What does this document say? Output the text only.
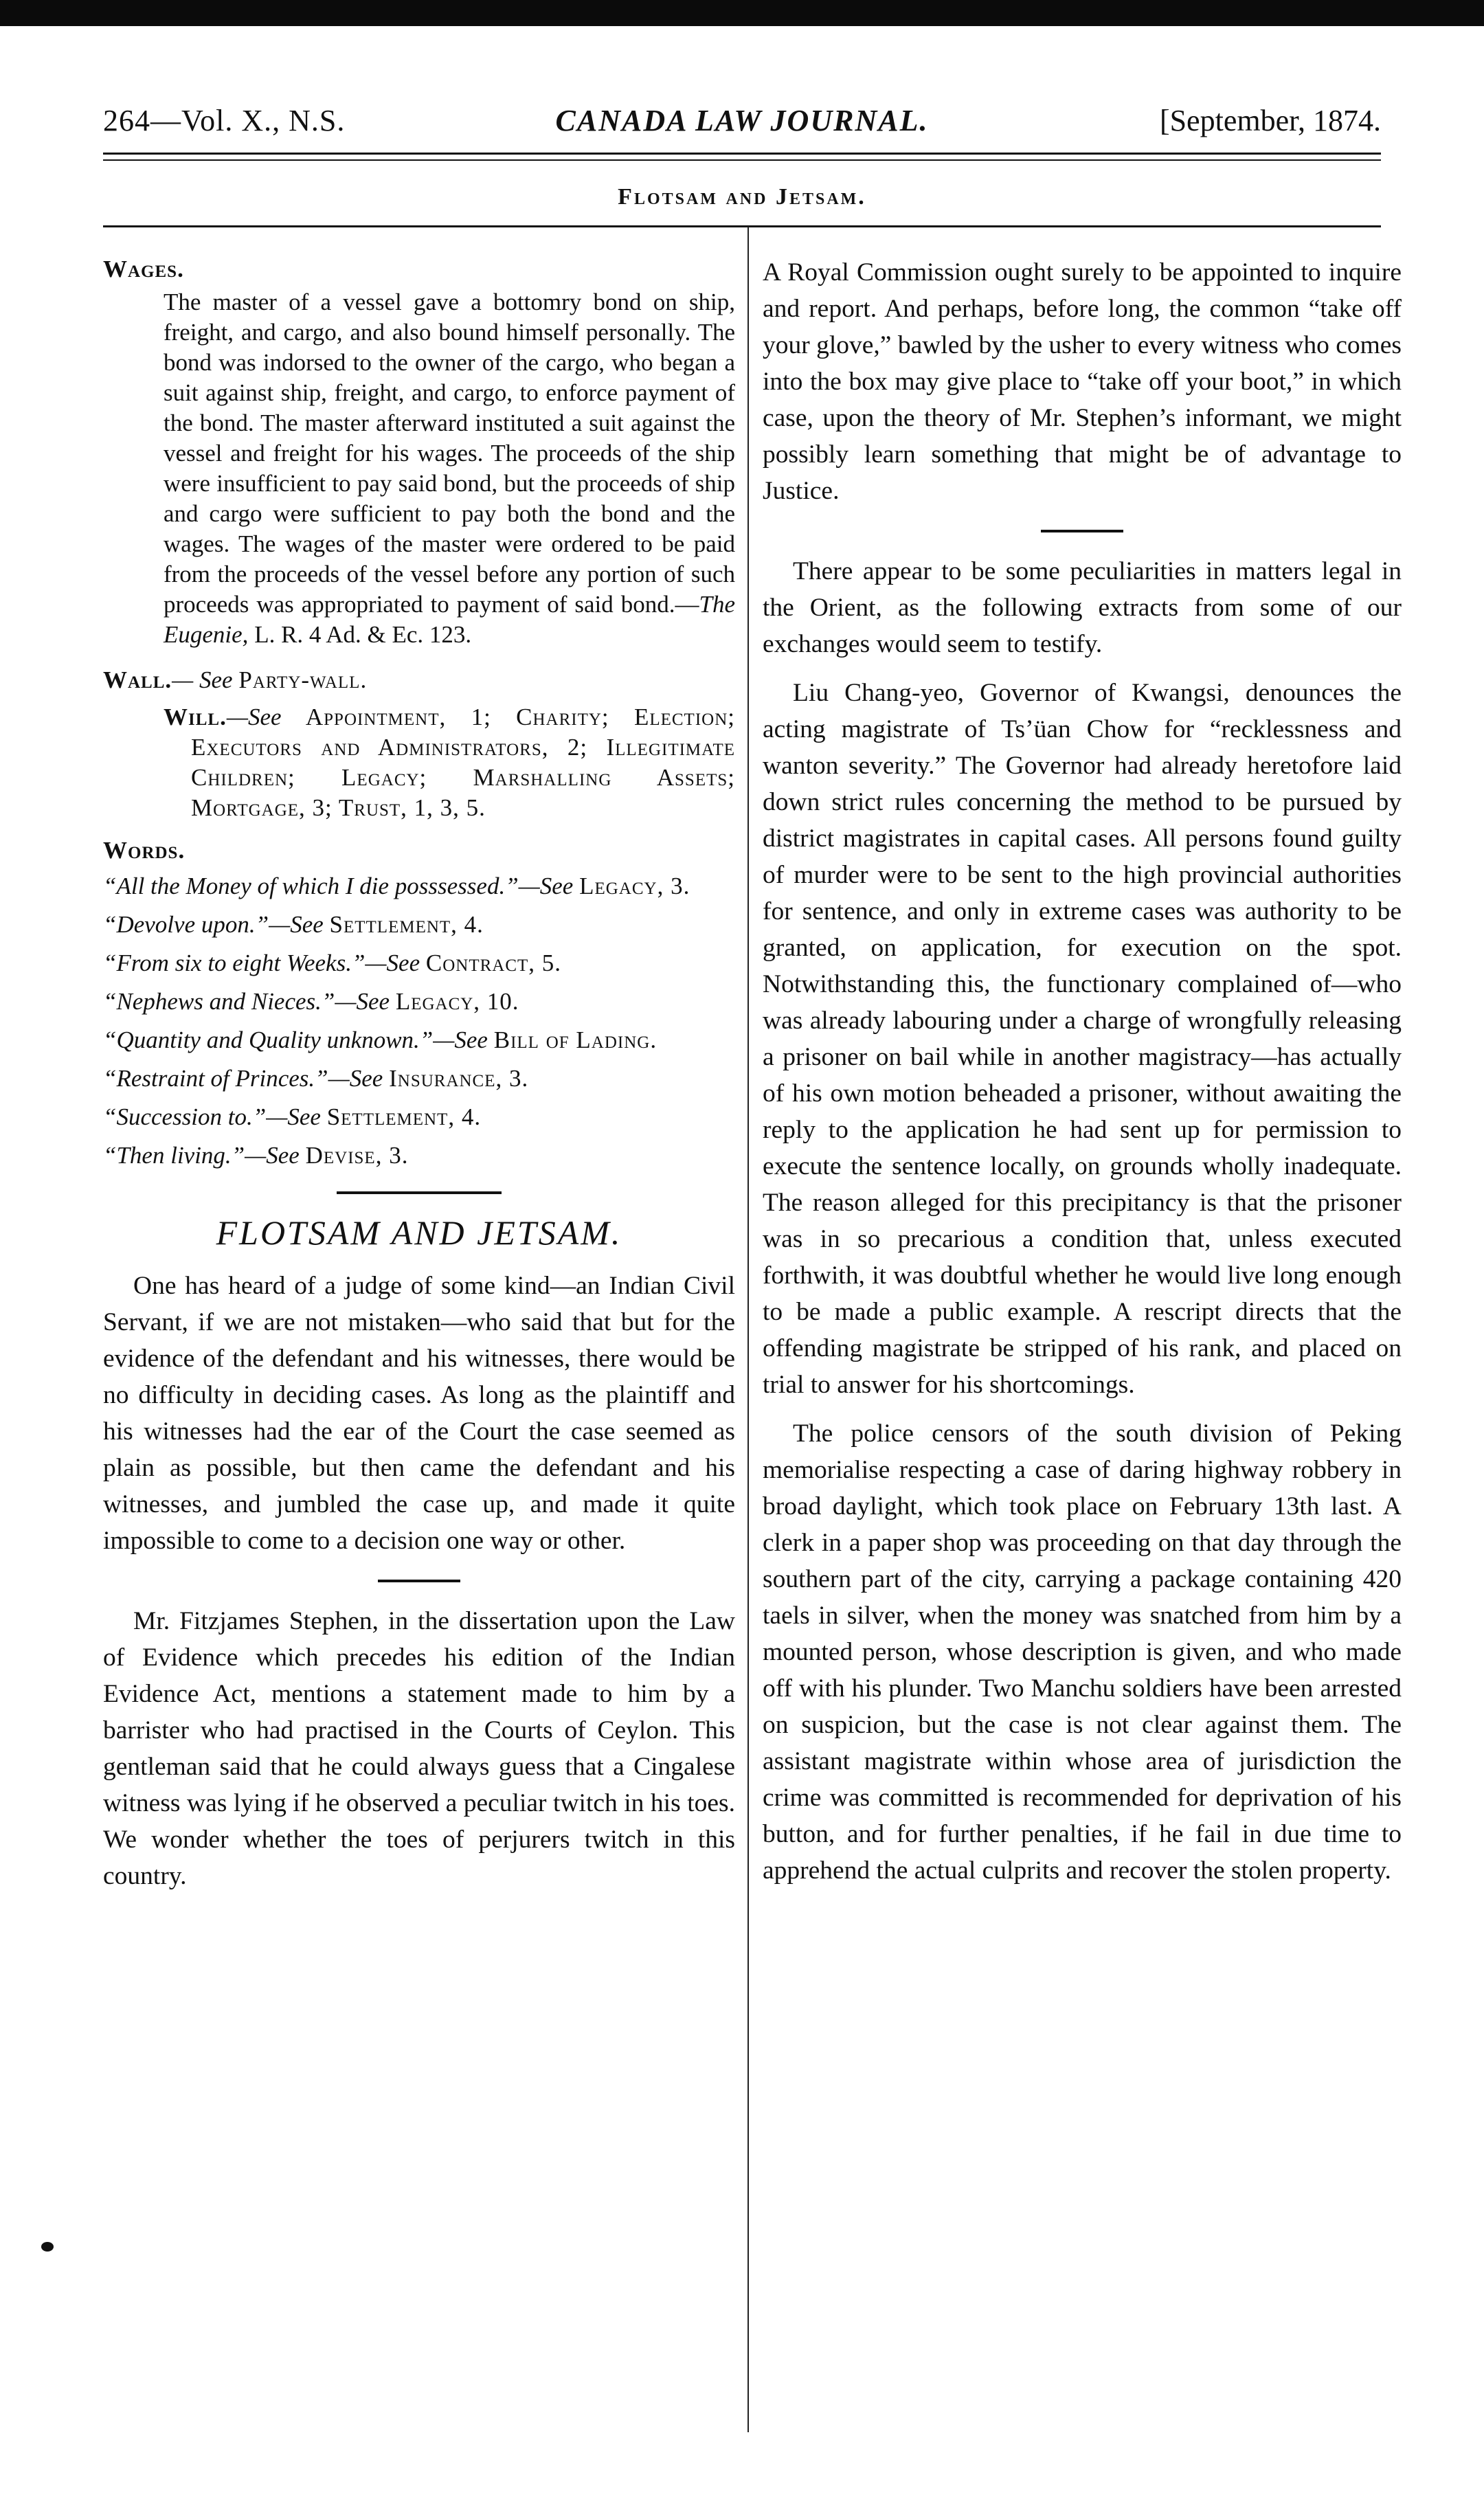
264—Vol. X., N.S.	CANADA LAW JOURNAL.	[September, 1874.
Flotsam and Jetsam.

Wages.

The master of a vessel gave a bottomry bond on ship, freight, and cargo, and also bound himself personally. The bond was indorsed to the owner of the cargo, who began a suit against ship, freight, and cargo, to enforce payment of the bond. The master afterward instituted a suit against the vessel and freight for his wages. The proceeds of the ship were insufficient to pay said bond, but the proceeds of ship and cargo were sufficient to pay both the bond and the wages. The wages of the master were ordered to be paid from the proceeds of the vessel before any portion of such proceeds was appropriated to payment of said bond.—The Eugenie, L. R. 4 Ad. & Ec. 123.

Wall.— See Party-wall.

Will.—See Appointment, 1; Charity; Election; Executors and Administrators, 2; Illegitimate Children; Legacy; Marshalling Assets; Mortgage, 3; Trust, 1, 3, 5.

Words.

“All the Money of which I die posssessed.”—See Legacy, 3.

“Devolve upon.”—See Settlement, 4.

“From six to eight Weeks.”—See Contract, 5.

“Nephews and Nieces.”—See Legacy, 10.

“Quantity and Quality unknown.”—See Bill of Lading.

“Restraint of Princes.”—See Insurance, 3.

“Succession to.”—See Settlement, 4.

“Then living.”—See Devise, 3.

FLOTSAM AND JETSAM.

One has heard of a judge of some kind—an Indian Civil Servant, if we are not mistaken—who said that but for the evidence of the defendant and his witnesses, there would be no difficulty in deciding cases. As long as the plaintiff and his witnesses had the ear of the Court the case seemed as plain as possible, but then came the defendant and his witnesses, and jumbled the case up, and made it quite impossible to come to a decision one way or other.

Mr. Fitzjames Stephen, in the dissertation upon the Law of Evidence which precedes his edition of the Indian Evidence Act, mentions a statement made to him by a barrister who had practised in the Courts of Ceylon. This gentleman said that he could always guess that a Cingalese witness was lying if he observed a peculiar twitch in his toes. We wonder whether the toes of perjurers twitch in this country.

A Royal Commission ought surely to be appointed to inquire and report. And perhaps, before long, the common “take off your glove,” bawled by the usher to every witness who comes into the box may give place to “take off your boot,” in which case, upon the theory of Mr. Stephen’s informant, we might possibly learn something that might be of advantage to Justice.

There appear to be some peculiarities in matters legal in the Orient, as the following extracts from some of our exchanges would seem to testify.

Liu Chang-yeo, Governor of Kwangsi, denounces the acting magistrate of Ts’üan Chow for “recklessness and wanton severity.” The Governor had already heretofore laid down strict rules concerning the method to be pursued by district magistrates in capital cases. All persons found guilty of murder were to be sent to the high provincial authorities for sentence, and only in extreme cases was authority to be granted, on application, for execution on the spot. Notwithstanding this, the functionary complained of—who was already labouring under a charge of wrongfully releasing a prisoner on bail while in another magistracy—has actually of his own motion beheaded a prisoner, without awaiting the reply to the application he had sent up for permission to execute the sentence locally, on grounds wholly inadequate. The reason alleged for this precipitancy is that the prisoner was in so precarious a condition that, unless executed forthwith, it was doubtful whether he would live long enough to be made a public example. A rescript directs that the offending magistrate be stripped of his rank, and placed on trial to answer for his shortcomings.

The police censors of the south division of Peking memorialise respecting a case of daring highway robbery in broad daylight, which took place on February 13th last. A clerk in a paper shop was proceeding on that day through the southern part of the city, carrying a package containing 420 taels in silver, when the money was snatched from him by a mounted person, whose description is given, and who made off with his plunder. Two Manchu soldiers have been arrested on suspicion, but the case is not clear against them. The assistant magistrate within whose area of jurisdiction the crime was committed is recommended for deprivation of his button, and for further penalties, if he fail in due time to apprehend the actual culprits and recover the stolen property.
